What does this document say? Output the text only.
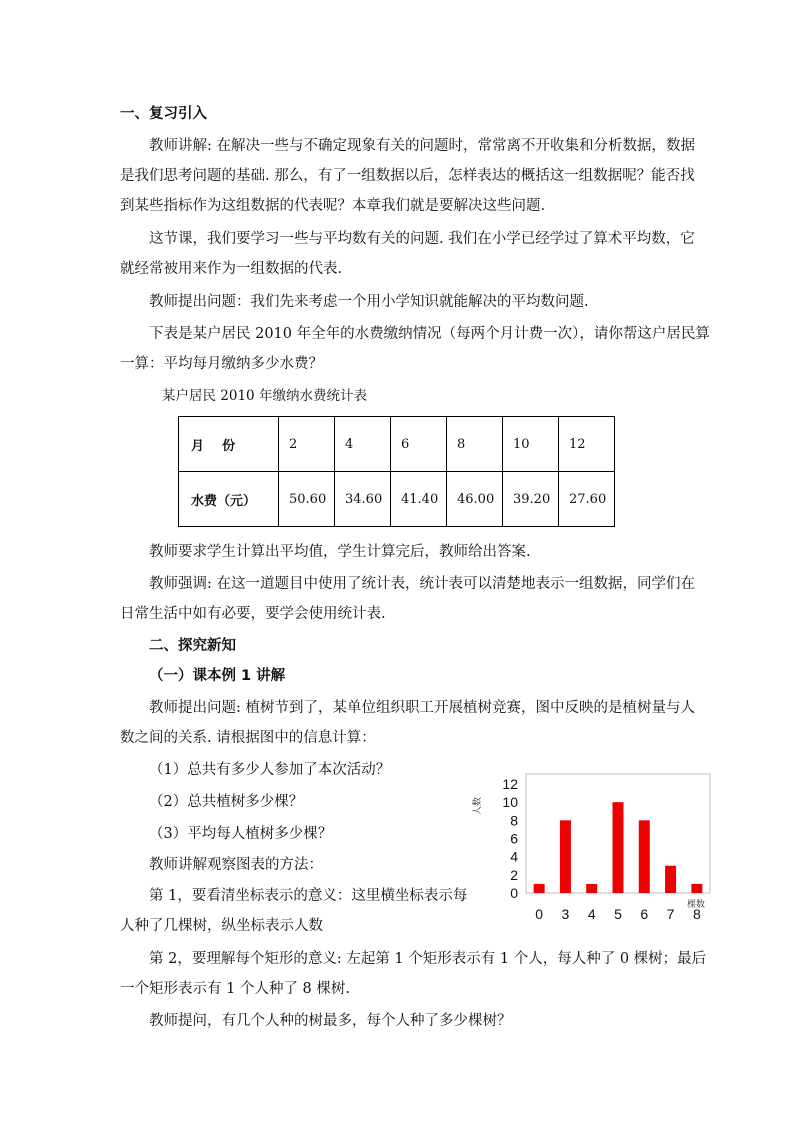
一、复习引入
教师讲解: 在解决一些与不确定现象有关的问题时，常常离不开收集和分析数据，数据
是我们思考问题的基础. 那么，有了一组数据以后，怎样表达的概括这一组数据呢？能否找
到某些指标作为这组数据的代表呢？本章我们就是要解决这些问题.
这节课，我们要学习一些与平均数有关的问题. 我们在小学已经学过了算术平均数，它
就经常被用来作为一组数据的代表.
教师提出问题：我们先来考虑一个用小学知识就能解决的平均数问题.
下表是某户居民 2010 年全年的水费缴纳情况（每两个月计费一次），请你帮这户居民算
一算：平均每月缴纳多少水费？
某户居民 2010 年缴纳水费统计表
月    份	2	4	6	8	10	12
水费（元）	50.60	34.60	41.40	46.00	39.20	27.60
教师要求学生计算出平均值，学生计算完后，教师给出答案.
教师强调: 在这一道题目中使用了统计表，统计表可以清楚地表示一组数据，同学们在
日常生活中如有必要，要学会使用统计表.
二、探究新知
（一）课本例 1 讲解
教师提出问题: 植树节到了，某单位组织职工开展植树竞赛，图中反映的是植树量与人
数之间的关系. 请根据图中的信息计算：
（1）总共有多少人参加了本次活动？
（2）总共植树多少棵？
（3）平均每人植树多少棵？
教师讲解观察图表的方法：
第 1，要看清坐标表示的意义：这里横坐标表示每
人种了几棵树，纵坐标表示人数
第 2，要理解每个矩形的意义: 左起第 1 个矩形表示有 1 个人，每人种了 0 棵树；最后
一个矩形表示有 1 个人种了 8 棵树.
教师提问，有几个人种的树最多，每个人种了多少棵树？
0
2
4
6
8
10
12
人数
0 3 4 5 6 7 8
棵数
